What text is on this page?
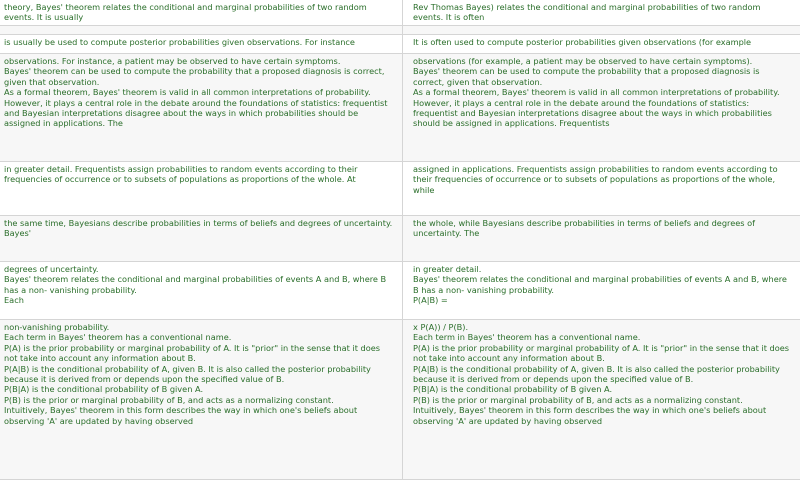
theory, Bayes' theorem relates the conditional and marginal probabilities of two random events. It is usually
Rev Thomas Bayes) relates the conditional and marginal probabilities of two random events. It is often
is usually be used to compute posterior probabilities given observations. For instance	It is often used to compute posterior probabilities given observations (for example
observations. For instance, a patient may be observed to have certain symptoms.
Bayes' theorem can be used to compute the probability that a proposed diagnosis is correct, given that observation.
As a formal theorem, Bayes' theorem is valid in all common interpretations of probability. However, it plays a central role in the debate around the foundations of statistics: frequentist and Bayesian interpretations disagree about the ways in which probabilities should be assigned in applications. The
observations (for example, a patient may be observed to have certain symptoms).
Bayes' theorem can be used to compute the probability that a proposed diagnosis is correct, given that observation.
As a formal theorem, Bayes' theorem is valid in all common interpretations of probability. However, it plays a central role in the debate around the foundations of statistics: frequentist and Bayesian interpretations disagree about the ways in which probabilities should be assigned in applications. Frequentists
in greater detail. Frequentists assign probabilities to random events according to their frequencies of occurrence or to subsets of populations as proportions of the whole. At
assigned in applications. Frequentists assign probabilities to random events according to their frequencies of occurrence or to subsets of populations as proportions of the whole, while
the same time, Bayesians describe probabilities in terms of beliefs and degrees of uncertainty.
Bayes'
the whole, while Bayesians describe probabilities in terms of beliefs and degrees of uncertainty. The
degrees of uncertainty.
Bayes' theorem relates the conditional and marginal probabilities of events A and B, where B has a non- vanishing probability.
Each
in greater detail.
Bayes' theorem relates the conditional and marginal probabilities of events A and B, where B has a non- vanishing probability.
P(A|B) =
non-vanishing probability.
Each term in Bayes' theorem has a conventional name.
P(A) is the prior probability or marginal probability of A. It is "prior" in the sense that it does not take into account any information about B.
P(A|B) is the conditional probability of A, given B. It is also called the posterior probability because it is derived from or depends upon the specified value of B.
P(B|A) is the conditional probability of B given A.
P(B) is the prior or marginal probability of B, and acts as a normalizing constant.
Intuitively, Bayes' theorem in this form describes the way in which one's beliefs about observing 'A' are updated by having observed
x P(A)) / P(B).
Each term in Bayes' theorem has a conventional name.
P(A) is the prior probability or marginal probability of A. It is "prior" in the sense that it does not take into account any information about B.
P(A|B) is the conditional probability of A, given B. It is also called the posterior probability because it is derived from or depends upon the specified value of B.
P(B|A) is the conditional probability of B given A.
P(B) is the prior or marginal probability of B, and acts as a normalizing constant.
Intuitively, Bayes' theorem in this form describes the way in which one's beliefs about observing 'A' are updated by having observed
